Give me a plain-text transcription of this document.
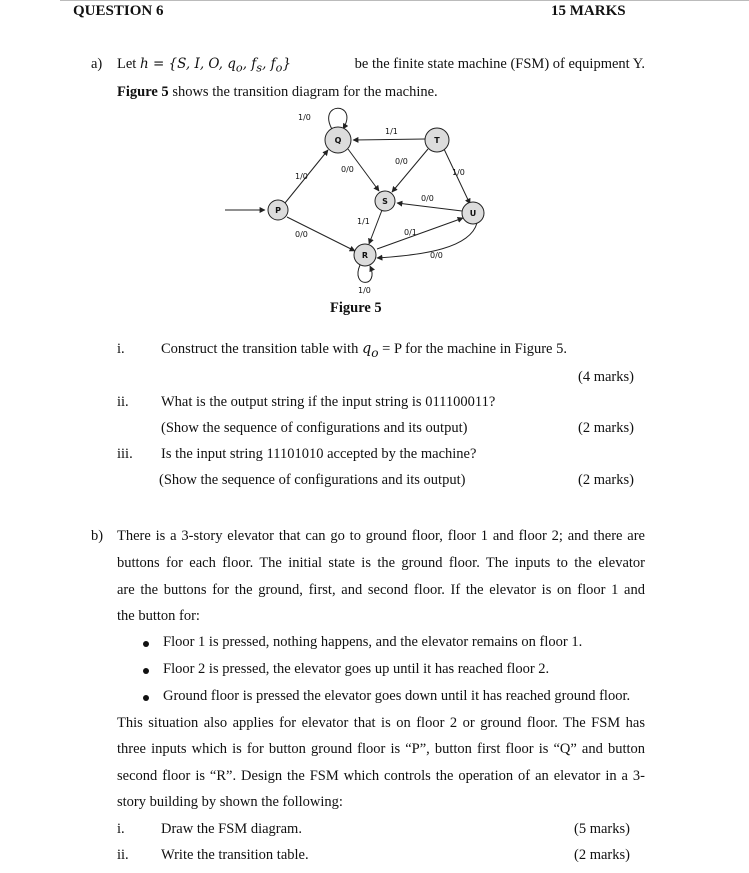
QUESTION 6	15 MARKS
a) Let h = {S, I, O, $q_o$, $f_s$, $f_o$}	be the finite state machine (FSM) of equipment Y.
Figure 5 shows the transition diagram for the machine.
P
Q
R
S
T
U
1/0
1/1
1/0
0/0
0/0
1/0
0/0
1/1
0/1
0/0
0/0
1/0
Figure 5
i.	Construct the transition table with $q_o = P$ for the machine in Figure 5.
(4 marks)
ii. What is the output string if the input string is 011100011?
(Show the sequence of configurations and its output)	(2 marks)
iii. Is the input string 11101010 accepted by the machine?
(Show the sequence of configurations and its output)	(2 marks)
b) There is a 3-story elevator that can go to ground floor, floor 1 and floor 2; and there are
buttons for each floor. The initial state is the ground floor. The inputs to the elevator
are the buttons for the ground, first, and second floor. If the elevator is on floor 1 and
the button for:
Floor 1 is pressed, nothing happens, and the elevator remains on floor 1.
Floor 2 is pressed, the elevator goes up until it has reached floor 2.
Ground floor is pressed the elevator goes down until it has reached ground floor.
This situation also applies for elevator that is on floor 2 or ground floor. The FSM has
three inputs which is for button ground floor is “P”, button first floor is “Q” and button
second floor is “R”. Design the FSM which controls the operation of an elevator in a 3-
story building by shown the following:
i.	Draw the FSM diagram.	(5 marks)
ii. Write the transition table.	(2 marks)
